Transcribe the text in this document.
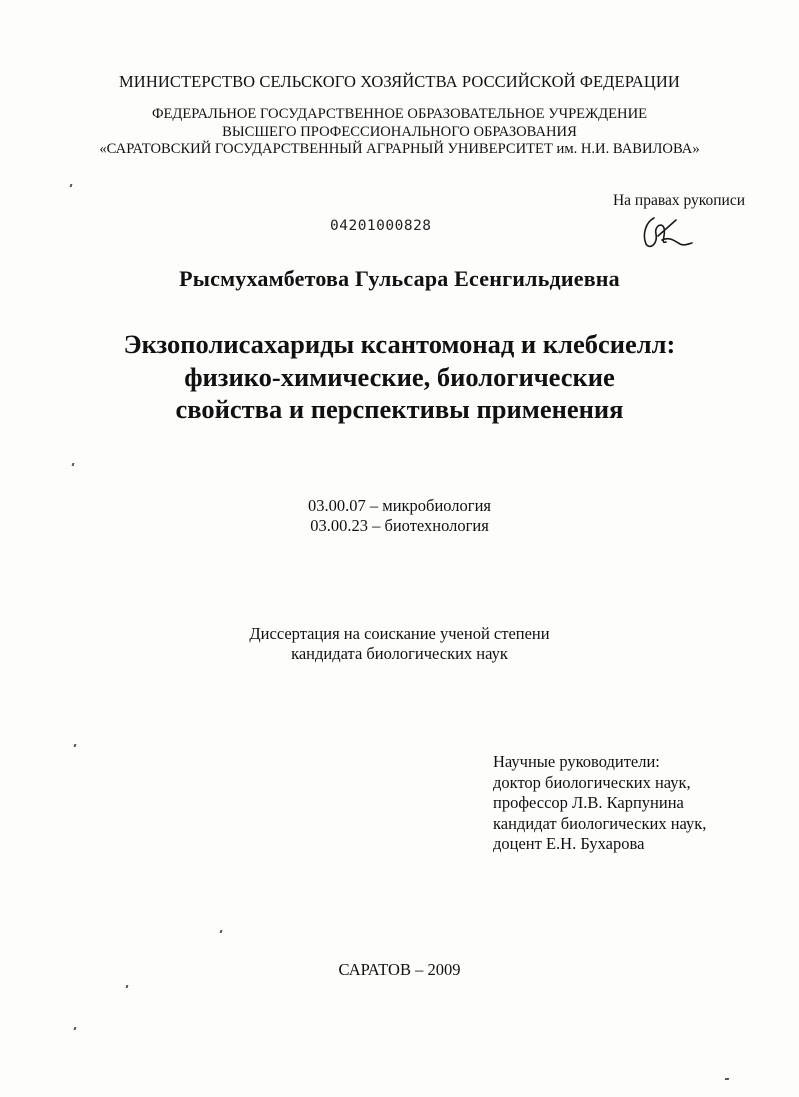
МИНИСТЕРСТВО СЕЛЬСКОГО ХОЗЯЙСТВА РОССИЙСКОЙ ФЕДЕРАЦИИ
ФЕДЕРАЛЬНОЕ ГОСУДАРСТВЕННОЕ ОБРАЗОВАТЕЛЬНОЕ УЧРЕЖДЕНИЕ
ВЫСШЕГО ПРОФЕССИОНАЛЬНОГО ОБРАЗОВАНИЯ
«САРАТОВСКИЙ ГОСУДАРСТВЕННЫЙ АГРАРНЫЙ УНИВЕРСИТЕТ им. Н.И. ВАВИЛОВА»
На правах рукописи
04201000828
Рысмухамбетова Гульсара Есенгильдиевна
Экзополисахариды ксантомонад и клебсиелл:
физико-химические, биологические
свойства и перспективы применения
03.00.07 – микробиология
03.00.23 – биотехнология
Диссертация на соискание ученой степени
кандидата биологических наук
Научные руководители:
доктор биологических наук,
профессор Л.В. Карпунина
кандидат биологических наук,
доцент Е.Н. Бухарова
САРАТОВ – 2009
